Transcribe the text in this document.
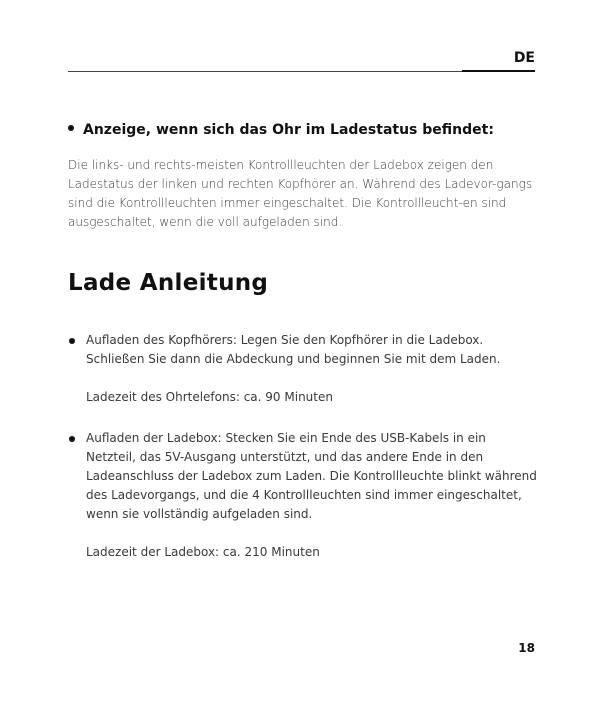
DE

Anzeige, wenn sich das Ohr im Ladestatus befindet:

Die links- und rechts-meisten Kontrollleuchten der Ladebox zeigen den Ladestatus der linken und rechten Kopfhörer an. Während des Ladevor-gangs sind die Kontrollleuchten immer eingeschaltet. Die Kontrollleucht-en sind ausgeschaltet, wenn die voll aufgeladen sind.

Lade Anleitung

Aufladen des Kopfhörers: Legen Sie den Kopfhörer in die Ladebox. Schließen Sie dann die Abdeckung und beginnen Sie mit dem Laden.

Ladezeit des Ohrtelefons: ca. 90 Minuten

Aufladen der Ladebox: Stecken Sie ein Ende des USB-Kabels in ein Netzteil, das 5V-Ausgang unterstützt, und das andere Ende in den Ladeanschluss der Ladebox zum Laden. Die Kontrollleuchte blinkt während des Ladevorgangs, und die 4 Kontrollleuchten sind immer eingeschaltet, wenn sie vollständig aufgeladen sind.

Ladezeit der Ladebox: ca. 210 Minuten

18
